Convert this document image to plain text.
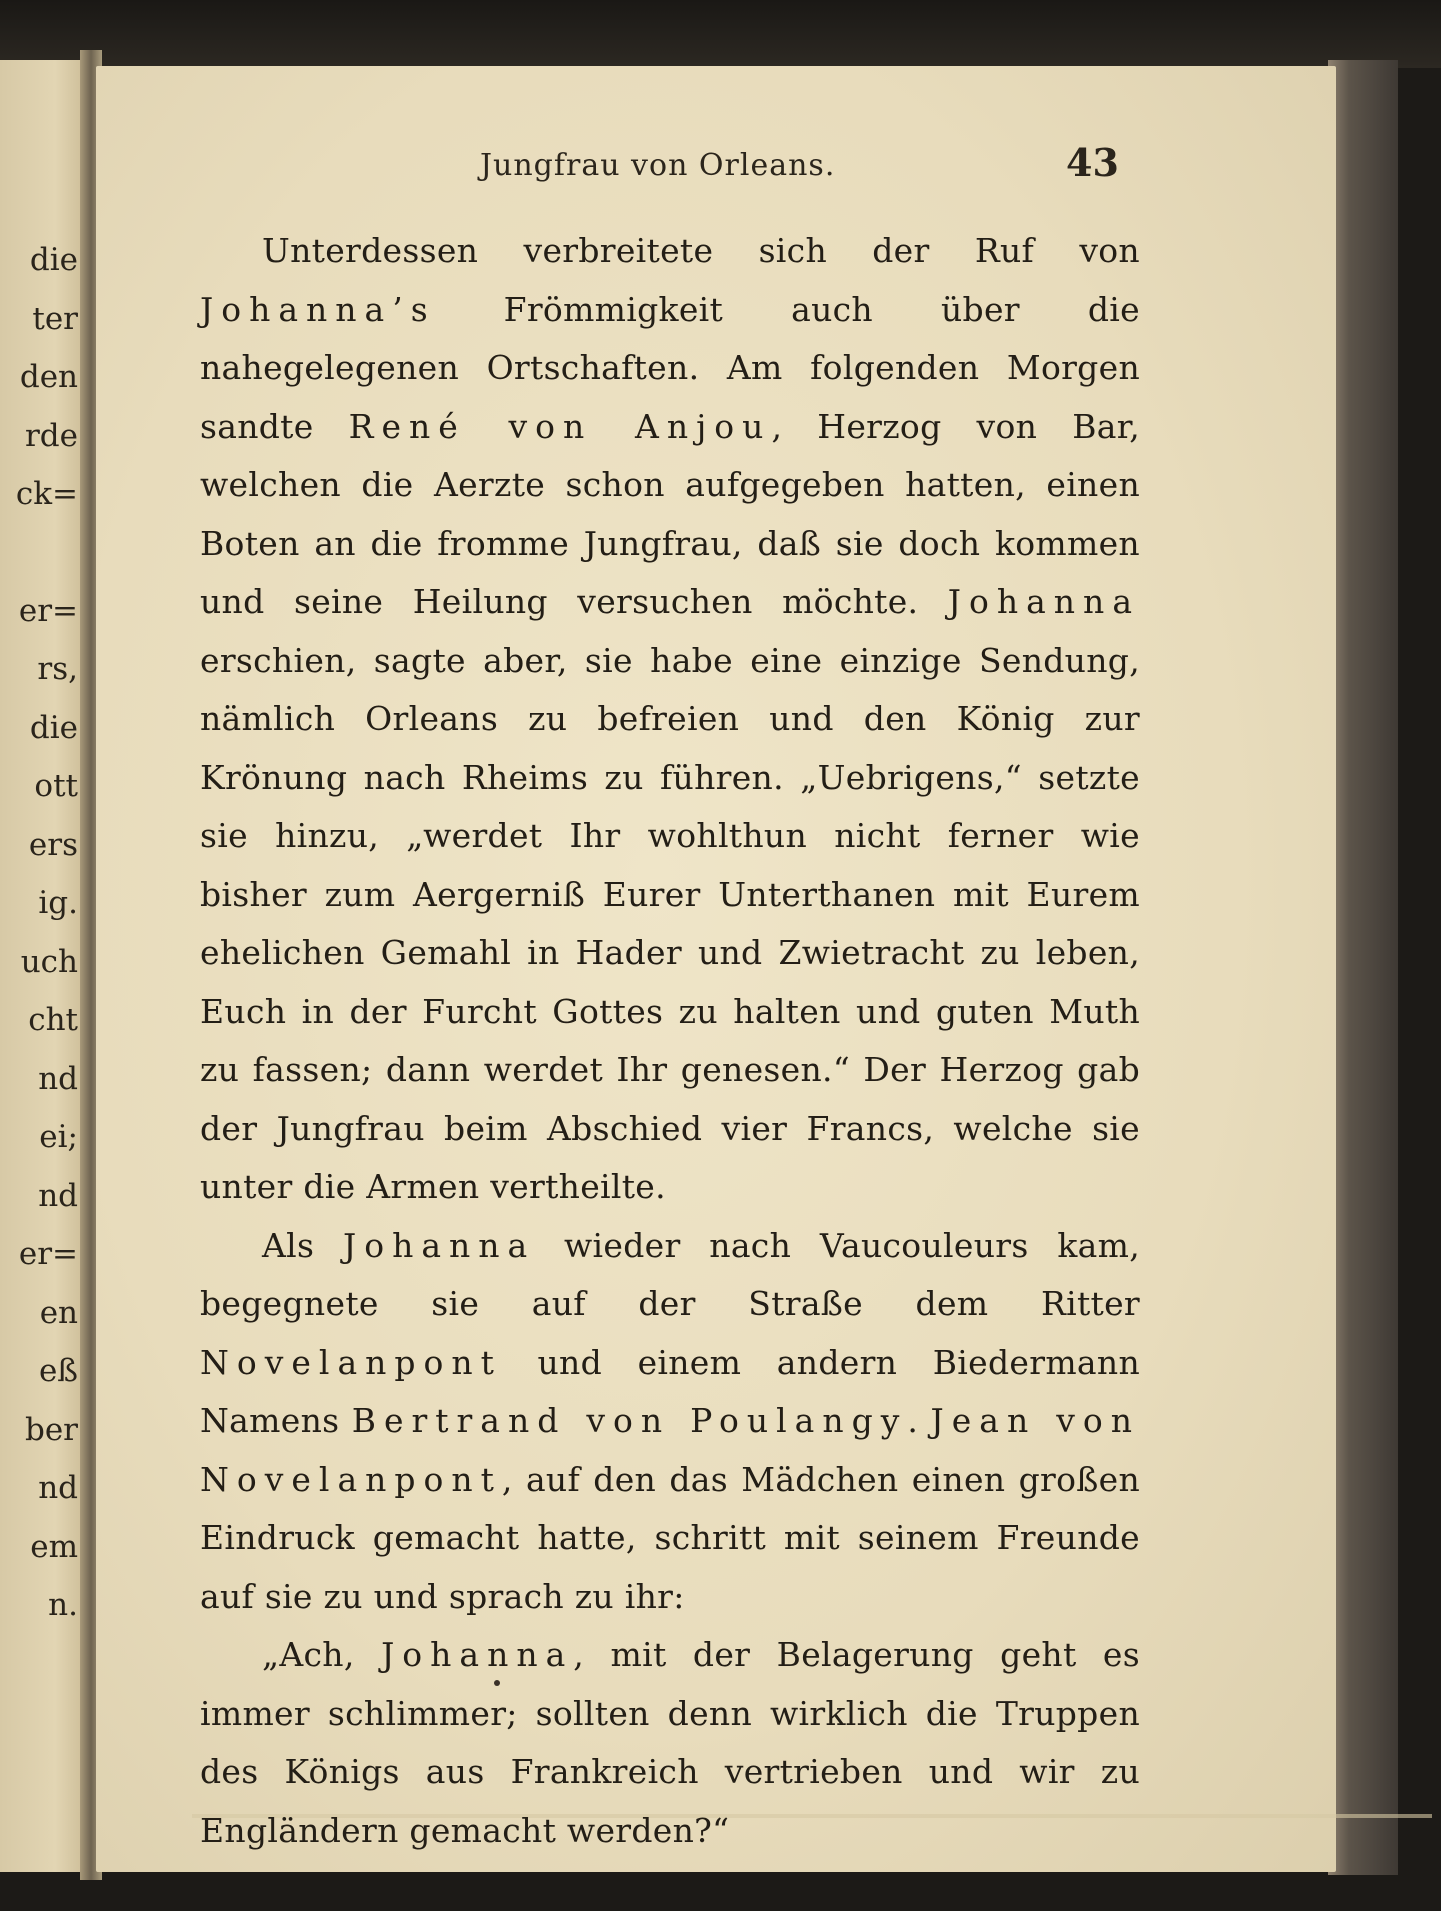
Jungfrau von Orleans.	43

Unterdessen verbreitete sich der Ruf von Johanna’s Frömmigkeit auch über die nahegelegenen Ortschaften. Am folgenden Morgen sandte René von Anjou, Herzog von Bar, welchen die Aerzte schon aufgegeben hatten, einen Boten an die fromme Jungfrau, daß sie doch kommen und seine Heilung versuchen möchte. Johanna erschien, sagte aber, sie habe eine einzige Sendung, nämlich Orleans zu befreien und den König zur Krönung nach Rheims zu führen. „Uebrigens,“ setzte sie hinzu, „werdet Ihr wohlthun nicht ferner wie bisher zum Aergerniß Eurer Unterthanen mit Eurem ehelichen Gemahl in Hader und Zwietracht zu leben, Euch in der Furcht Gottes zu halten und guten Muth zu fassen; dann werdet Ihr genesen.“ Der Herzog gab der Jungfrau beim Abschied vier Francs, welche sie unter die Armen vertheilte.

Als Johanna wieder nach Vaucouleurs kam, begegnete sie auf der Straße dem Ritter Novelanpont und einem andern Biedermann Namens Bertrand von Poulangy. Jean von Novelanpont, auf den das Mädchen einen großen Eindruck gemacht hatte, schritt mit seinem Freunde auf sie zu und sprach zu ihr:

„Ach, Johanna, mit der Belagerung geht es immer schlimmer; sollten denn wirklich die Truppen des Königs aus Frankreich vertrieben und wir zu Engländern gemacht werden?“

die
ter
den
rde
ck=
er=
rs,
die
ott
ers
ig.
uch
cht
nd
ei;
nd
er=
en
eß
ber
nd
em
n.
